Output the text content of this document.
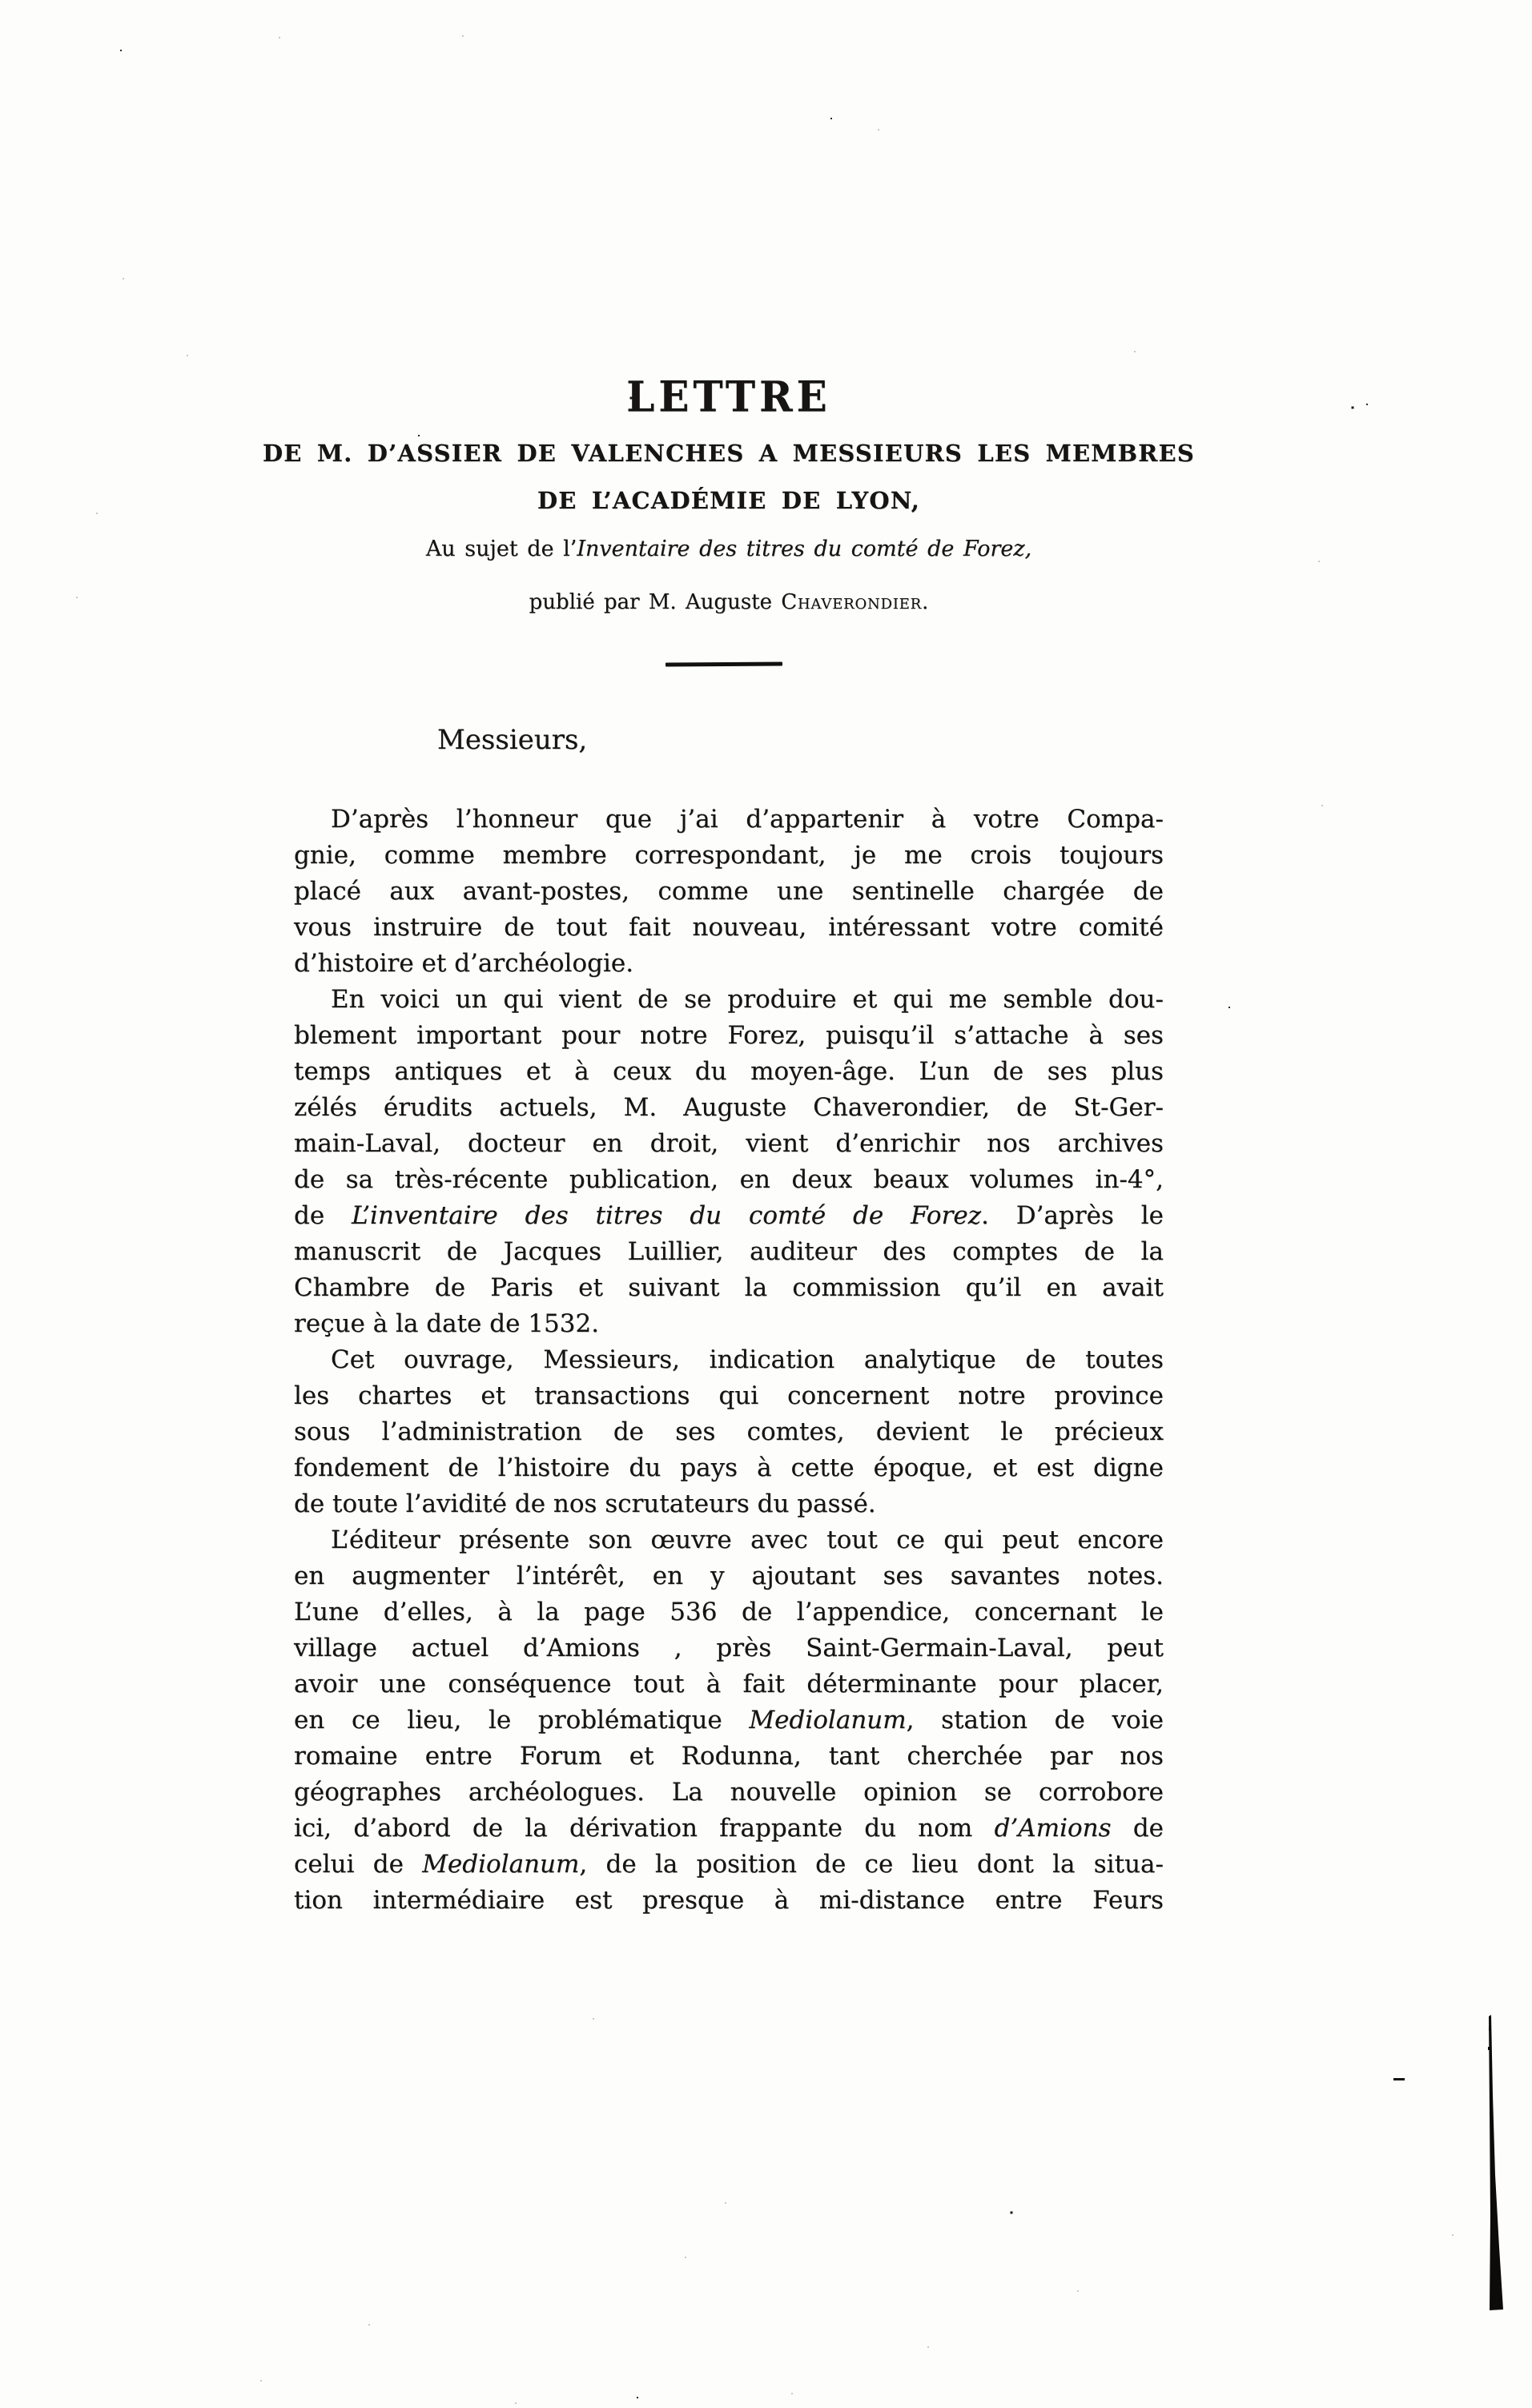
LETTRE
DE M. D’ASSIER DE VALENCHES A MESSIEURS LES MEMBRES
DE L’ACADÉMIE DE LYON,
Au sujet de l’Inventaire des titres du comté de Forez,
publié par M. Auguste Chaverondier.
Messieurs,
D’après l’honneur que j’ai d’appartenir à votre Compa-
gnie, comme membre correspondant, je me crois toujours
placé aux avant-postes, comme une sentinelle chargée de
vous instruire de tout fait nouveau, intéressant votre comité
d’histoire et d’archéologie.
En voici un qui vient de se produire et qui me semble dou-
blement important pour notre Forez, puisqu’il s’attache à ses
temps antiques et à ceux du moyen-âge. L’un de ses plus
zélés érudits actuels, M. Auguste Chaverondier, de St-Ger-
main-Laval, docteur en droit, vient d’enrichir nos archives
de sa très-récente publication, en deux beaux volumes in-4°,
de L’inventaire des titres du comté de Forez. D’après le
manuscrit de Jacques Luillier, auditeur des comptes de la
Chambre de Paris et suivant la commission qu’il en avait
reçue à la date de 1532.
Cet ouvrage, Messieurs, indication analytique de toutes
les chartes et transactions qui concernent notre province
sous l’administration de ses comtes, devient le précieux
fondement de l’histoire du pays à cette époque, et est digne
de toute l’avidité de nos scrutateurs du passé.
L’éditeur présente son œuvre avec tout ce qui peut encore
en augmenter l’intérêt, en y ajoutant ses savantes notes.
L’une d’elles, à la page 536 de l’appendice, concernant le
village actuel d’Amions , près Saint-Germain-Laval, peut
avoir une conséquence tout à fait déterminante pour placer,
en ce lieu, le problématique Mediolanum, station de voie
romaine entre Forum et Rodunna, tant cherchée par nos
géographes archéologues. La nouvelle opinion se corrobore
ici, d’abord de la dérivation frappante du nom d’Amions de
celui de Mediolanum, de la position de ce lieu dont la situa-
tion intermédiaire est presque à mi-distance entre Feurs
